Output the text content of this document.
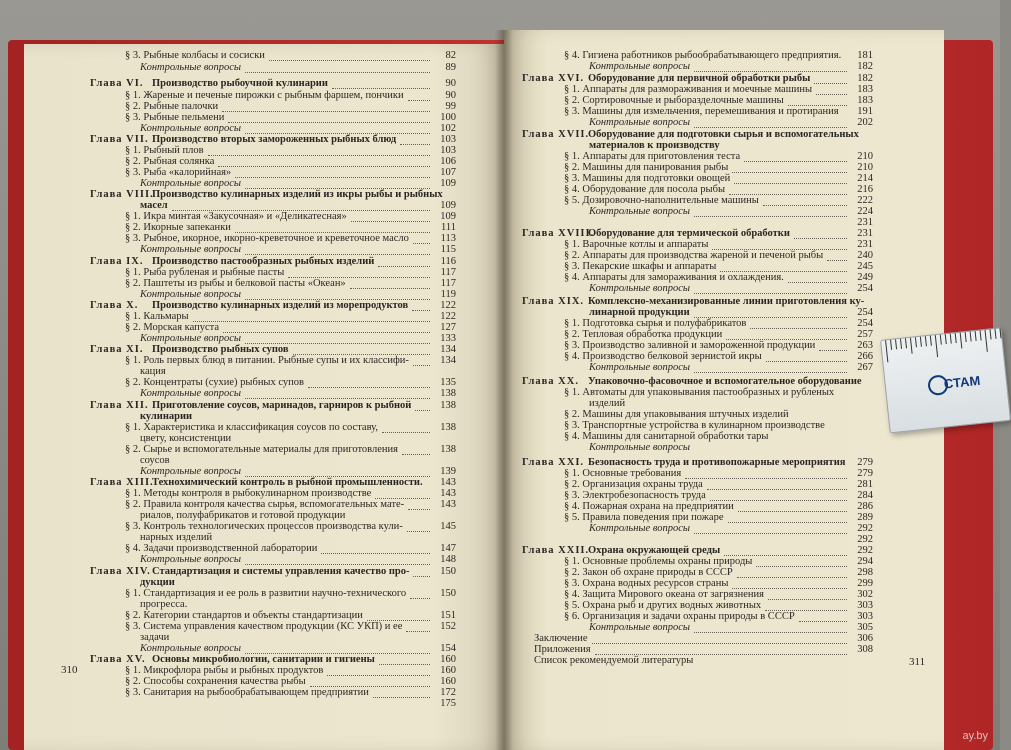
§ 3. Рыбные колбасы и сосиски	82
Контрольные вопросы	89
Глава VI. Производство рыбоучной кулинарии	90
§ 1. Жареные и печеные пирожки с рыбным фаршем, пончики	90
§ 2. Рыбные палочки	99
§ 3. Рыбные пельмени	100
Контрольные вопросы	102
Глава VII. Производство вторых замороженных рыбных блюд	103
§ 1. Рыбный плов	103
§ 2. Рыбная солянка	106
§ 3. Рыба «калорийная»	107
Контрольные вопросы	109
Глава VIII.
Производство кулинарных изделий из икры рыбы и рыбных
масел	109
§ 1. Икра минтая «Закусочная» и «Деликатесная»	109
§ 2. Икорные запеканки	111
§ 3. Рыбное, икорное, икорно-креветочное и креветочное масло	113
Контрольные вопросы	115
Глава IX. Производство пастообразных рыбных изделий	116
§ 1. Рыба рубленая и рыбные пасты	117
§ 2. Паштеты из рыбы и белковой пасты «Океан»	117
Контрольные вопросы	119
Глава X. Производство кулинарных изделий из морепродуктов	122
§ 1. Кальмары	122
§ 2. Морская капуста	127
Контрольные вопросы	133
Глава XI. Производство рыбных супов	134
§ 1. Роль первых блюд в питании. Рыбные супы и их классифи-	134
кация
§ 2. Концентраты (сухие) рыбных супов	135
Контрольные вопросы	138
Глава XII. Приготовление соусов, маринадов, гарниров к рыбной	138
кулинарии
§ 1. Характеристика и классификация соусов по составу,	138
цвету, консистенции
§ 2. Сырье и вспомогательные материалы для приготовления	138
соусов
Контрольные вопросы	139
Глава XIII.
Технохимический контроль в рыбной промышленности.	143
§ 1. Методы контроля в рыбокулинарном производстве	143
§ 2. Правила контроля качества сырья, вспомогательных мате-	143
риалов, полуфабрикатов и готовой продукции
§ 3. Контроль технологических процессов производства кули-	145
нарных изделий
§ 4. Задачи производственной лаборатории	147
Контрольные вопросы	148
Глава XIV. Стандартизация и системы управления качество про-	150
дукции
§ 1. Стандартизация и ее роль в развитии научно-технического	150
прогресса.
§ 2. Категории стандартов и объекты стандартизации	151
§ 3. Система управления качеством продукции (КС УКП) и ее	152
задачи
Контрольные вопросы	154
Глава XV. Основы микробиологии, санитарии и гигиены	160
§ 1. Микрофлора рыбы и рыбных продуктов	160
§ 2. Способы сохранения качества рыбы	160
§ 3. Санитария на рыбообрабатывающем предприятии	172
175
310
§ 4. Гигиена работников рыбообрабатывающего предприятия.	181
Контрольные вопросы	182
Глава XVI. Оборудование для первичной обработки рыбы	182
§ 1. Аппараты для размораживания и моечные машины	183
§ 2. Сортировочные и рыборазделочные машины	183
§ 3. Машины для измельчения, перемешивания и протирания	191
Контрольные вопросы	202
Глава XVII.
Оборудование для подготовки сырья и вспомогательных
материалов к производству
§ 1. Аппараты для приготовления теста	210
§ 2. Машины для панирования рыбы	210
§ 3. Машины для подготовки овощей	214
§ 4. Оборудование для посола рыбы	216
§ 5. Дозировочно-наполнительные машины	222
Контрольные вопросы	224
231
Глава XVIII.
Оборудование для термической обработки	231
§ 1. Варочные котлы и аппараты	231
§ 2. Аппараты для производства жареной и печеной рыбы	240
§ 3. Пекарские шкафы и аппараты	245
§ 4. Аппараты для замораживания и охлаждения.	249
Контрольные вопросы	254
Глава XIX. Комплексно-механизированные линии приготовления ку-
линарной продукции	254
§ 1. Подготовка сырья и полуфабрикатов	254
§ 2. Тепловая обработка продукции	257
§ 3. Производство заливной и замороженной продукции	263
§ 4. Производство белковой зернистой икры	266
Контрольные вопросы	267
Глава XX. Упаковочно-фасовочное и вспомогательное оборудование
§ 1. Автоматы для упаковывания пастообразных и рубленых
изделий
§ 2. Машины для упаковывания штучных изделий
§ 3. Транспортные устройства в кулинарном производстве
§ 4. Машины для санитарной обработки тары
Контрольные вопросы
Глава XXI. Безопасность труда и противопожарные мероприятия	279
§ 1. Основные требования	279
§ 2. Организация охраны труда	281
§ 3. Электробезопасность труда	284
§ 4. Пожарная охрана на предприятии	286
§ 5. Правила поведения при пожаре	289
Контрольные вопросы	292
292
Глава XXII.
Охрана окружающей среды	292
§ 1. Основные проблемы охраны природы	294
§ 2. Закон об охране природы в СССР	298
§ 3. Охрана водных ресурсов страны	299
§ 4. Защита Мирового океана от загрязнения	302
§ 5. Охрана рыб и других водных животных	303
§ 6. Организация и задачи охраны природы в СССР	303
Контрольные вопросы	305
Заключение	306
Приложения	308
Список рекомендуемой литературы	311
СТАМ
ay.by
